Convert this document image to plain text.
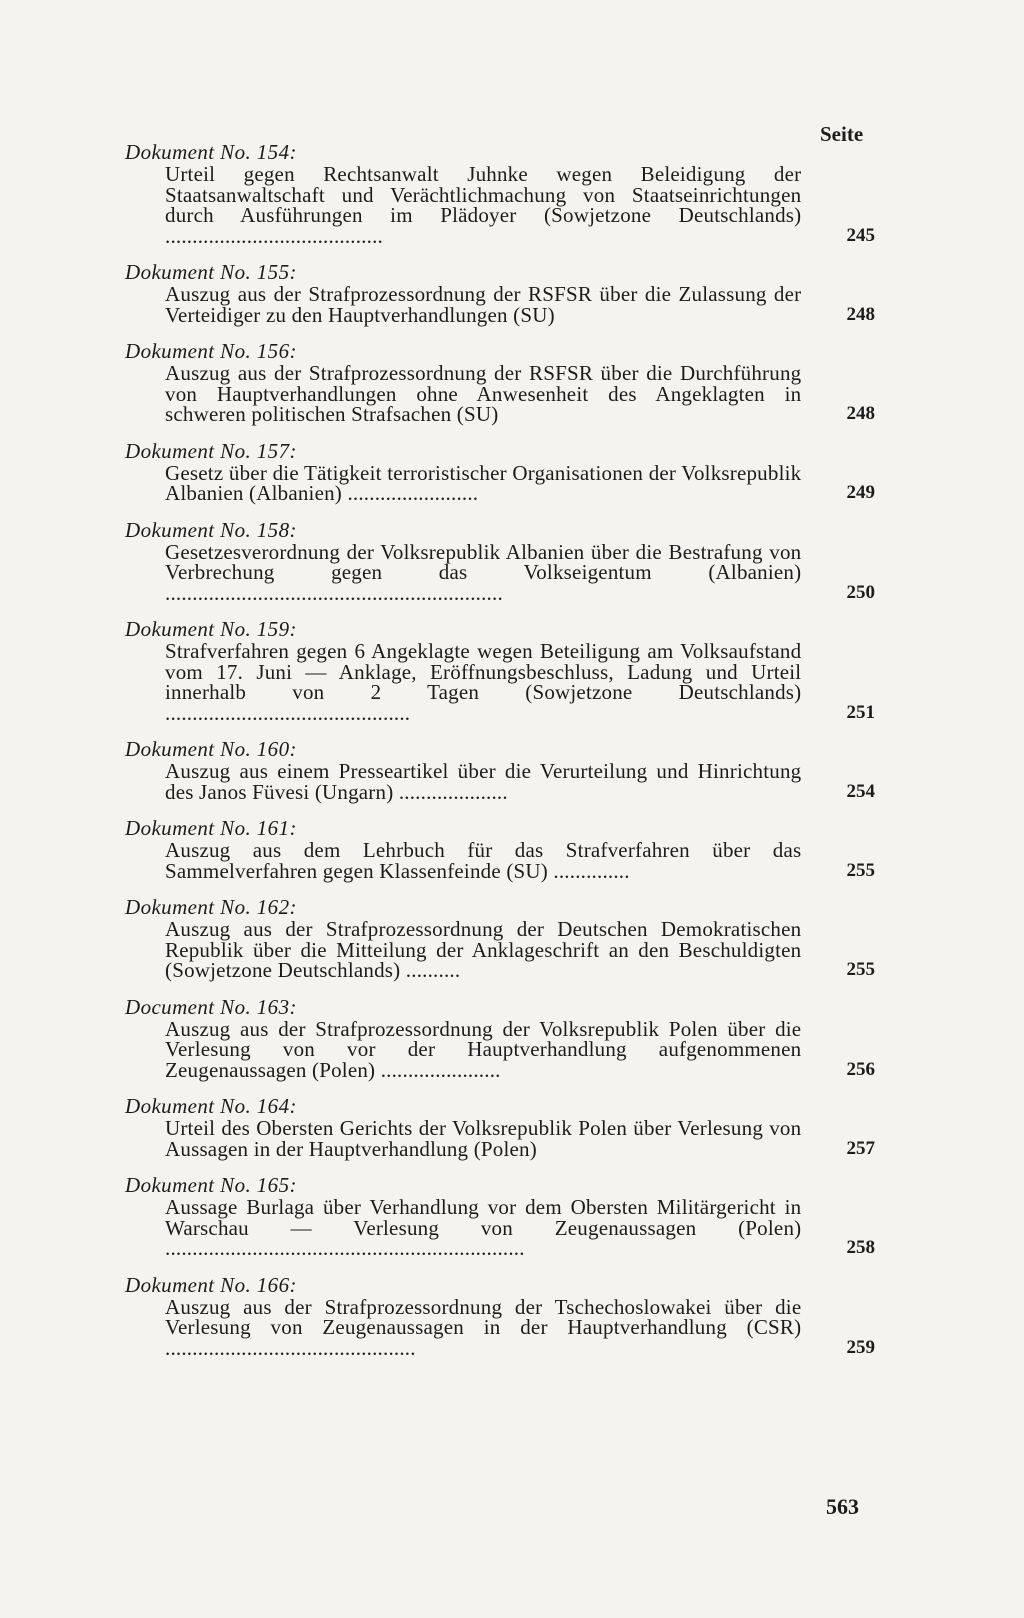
Seite
Dokument No. 154:
Urteil gegen Rechtsanwalt Juhnke wegen Beleidigung der Staatsanwaltschaft und Verächtlichmachung von Staatseinrichtungen durch Ausführungen im Plädoyer (Sowjetzone Deutschlands) ........................................	245
Dokument No. 155:
Auszug aus der Strafprozessordnung der RSFSR über die Zulassung der Verteidiger zu den Hauptverhandlungen (SU)	248
Dokument No. 156:
Auszug aus der Strafprozessordnung der RSFSR über die Durchführung von Hauptverhandlungen ohne Anwesenheit des Angeklagten in schweren politischen Strafsachen (SU)	248
Dokument No. 157:
Gesetz über die Tätigkeit terroristischer Organisationen der Volksrepublik Albanien (Albanien) ........................	249
Dokument No. 158:
Gesetzesverordnung der Volksrepublik Albanien über die Bestrafung von Verbrechung gegen das Volkseigentum (Albanien) ..............................................................	250
Dokument No. 159:
Strafverfahren gegen 6 Angeklagte wegen Beteiligung am Volksaufstand vom 17. Juni — Anklage, Eröffnungsbeschluss, Ladung und Urteil innerhalb von 2 Tagen (Sowjetzone Deutschlands) .............................................	251
Dokument No. 160:
Auszug aus einem Presseartikel über die Verurteilung und Hinrichtung des Janos Füvesi (Ungarn) ....................	254
Dokument No. 161:
Auszug aus dem Lehrbuch für das Strafverfahren über das Sammelverfahren gegen Klassenfeinde (SU) ..............	255
Dokument No. 162:
Auszug aus der Strafprozessordnung der Deutschen Demokratischen Republik über die Mitteilung der Anklageschrift an den Beschuldigten (Sowjetzone Deutschlands) ..........	255
Document No. 163:
Auszug aus der Strafprozessordnung der Volksrepublik Polen über die Verlesung von vor der Hauptverhandlung aufgenommenen Zeugenaussagen (Polen) ......................	256
Dokument No. 164:
Urteil des Obersten Gerichts der Volksrepublik Polen über Verlesung von Aussagen in der Hauptverhandlung (Polen)	257
Dokument No. 165:
Aussage Burlaga über Verhandlung vor dem Obersten Militärgericht in Warschau — Verlesung von Zeugenaussagen (Polen) ..................................................................	258
Dokument No. 166:
Auszug aus der Strafprozessordnung der Tschechoslowakei über die Verlesung von Zeugenaussagen in der Hauptverhandlung (CSR) ..............................................	259
563
